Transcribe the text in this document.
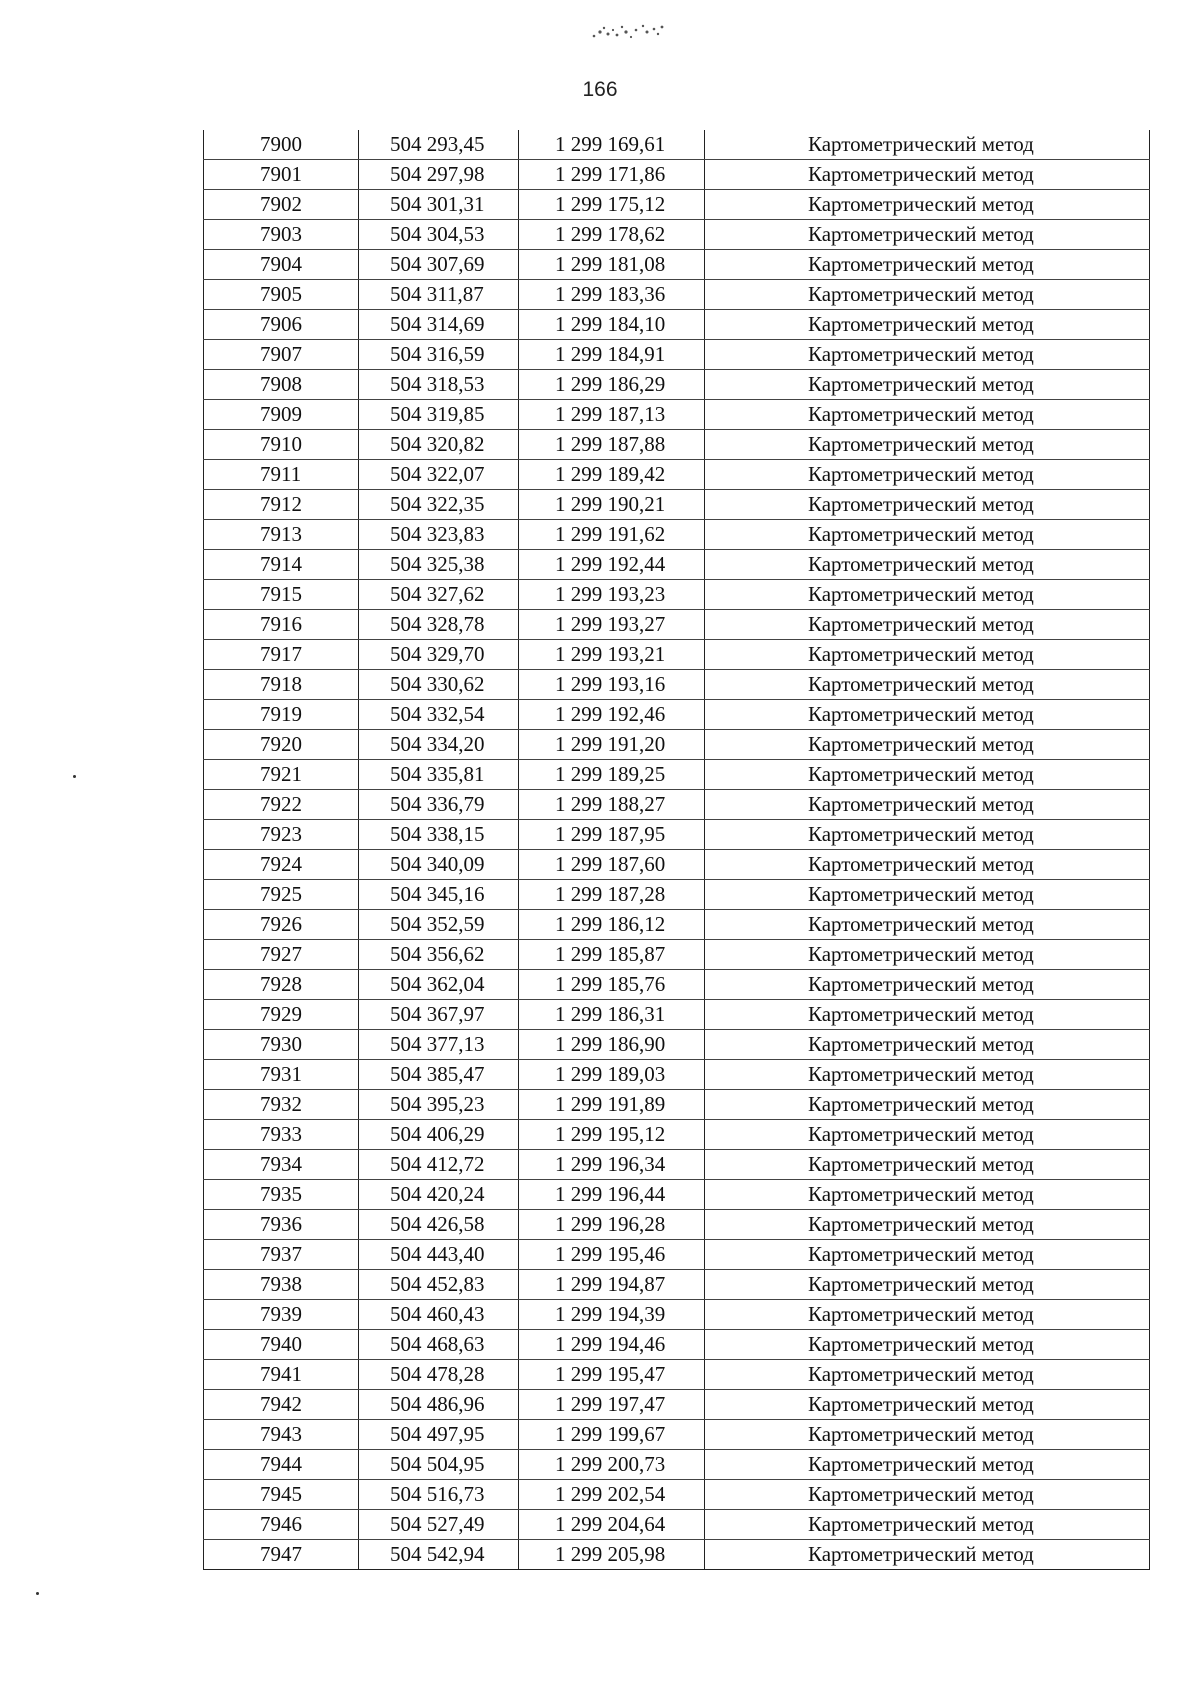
166
7900	504 293,45	1 299 169,61	Картометрический метод
7901	504 297,98	1 299 171,86	Картометрический метод
7902	504 301,31	1 299 175,12	Картометрический метод
7903	504 304,53	1 299 178,62	Картометрический метод
7904	504 307,69	1 299 181,08	Картометрический метод
7905	504 311,87	1 299 183,36	Картометрический метод
7906	504 314,69	1 299 184,10	Картометрический метод
7907	504 316,59	1 299 184,91	Картометрический метод
7908	504 318,53	1 299 186,29	Картометрический метод
7909	504 319,85	1 299 187,13	Картометрический метод
7910	504 320,82	1 299 187,88	Картометрический метод
7911	504 322,07	1 299 189,42	Картометрический метод
7912	504 322,35	1 299 190,21	Картометрический метод
7913	504 323,83	1 299 191,62	Картометрический метод
7914	504 325,38	1 299 192,44	Картометрический метод
7915	504 327,62	1 299 193,23	Картометрический метод
7916	504 328,78	1 299 193,27	Картометрический метод
7917	504 329,70	1 299 193,21	Картометрический метод
7918	504 330,62	1 299 193,16	Картометрический метод
7919	504 332,54	1 299 192,46	Картометрический метод
7920	504 334,20	1 299 191,20	Картометрический метод
7921	504 335,81	1 299 189,25	Картометрический метод
7922	504 336,79	1 299 188,27	Картометрический метод
7923	504 338,15	1 299 187,95	Картометрический метод
7924	504 340,09	1 299 187,60	Картометрический метод
7925	504 345,16	1 299 187,28	Картометрический метод
7926	504 352,59	1 299 186,12	Картометрический метод
7927	504 356,62	1 299 185,87	Картометрический метод
7928	504 362,04	1 299 185,76	Картометрический метод
7929	504 367,97	1 299 186,31	Картометрический метод
7930	504 377,13	1 299 186,90	Картометрический метод
7931	504 385,47	1 299 189,03	Картометрический метод
7932	504 395,23	1 299 191,89	Картометрический метод
7933	504 406,29	1 299 195,12	Картометрический метод
7934	504 412,72	1 299 196,34	Картометрический метод
7935	504 420,24	1 299 196,44	Картометрический метод
7936	504 426,58	1 299 196,28	Картометрический метод
7937	504 443,40	1 299 195,46	Картометрический метод
7938	504 452,83	1 299 194,87	Картометрический метод
7939	504 460,43	1 299 194,39	Картометрический метод
7940	504 468,63	1 299 194,46	Картометрический метод
7941	504 478,28	1 299 195,47	Картометрический метод
7942	504 486,96	1 299 197,47	Картометрический метод
7943	504 497,95	1 299 199,67	Картометрический метод
7944	504 504,95	1 299 200,73	Картометрический метод
7945	504 516,73	1 299 202,54	Картометрический метод
7946	504 527,49	1 299 204,64	Картометрический метод
7947	504 542,94	1 299 205,98	Картометрический метод
